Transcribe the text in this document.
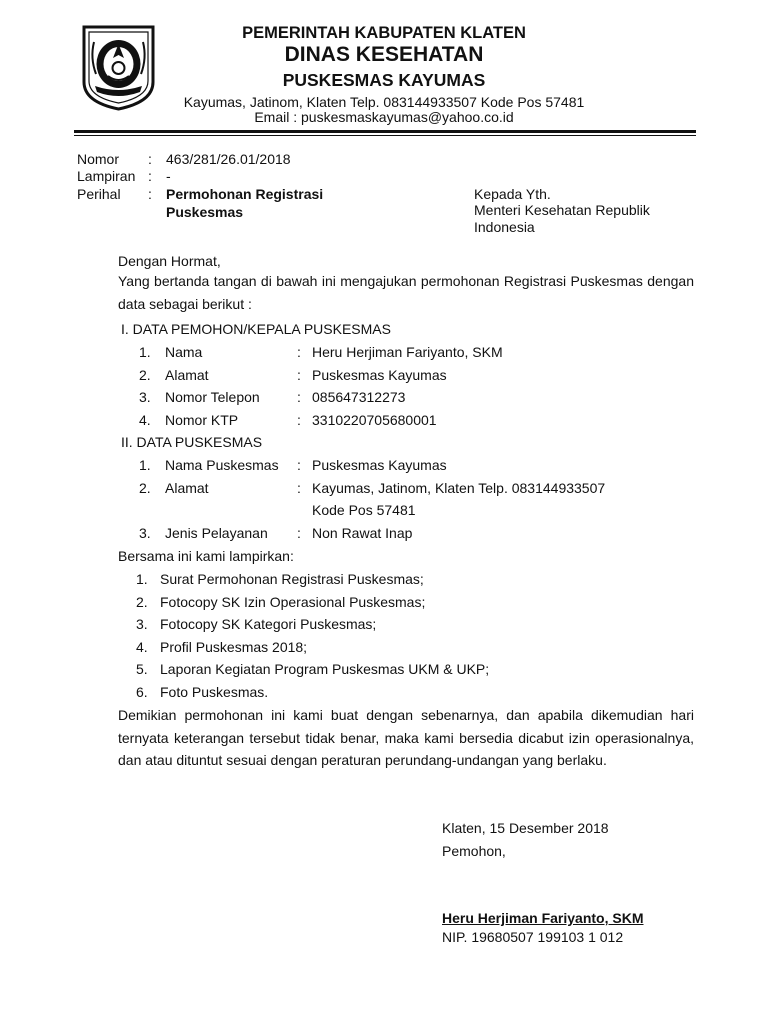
PEMERINTAH KABUPATEN KLATEN
DINAS KESEHATAN
PUSKESMAS KAYUMAS
Kayumas, Jatinom, Klaten Telp. 083144933507 Kode Pos 57481
Email : puskesmaskayumas@yahoo.co.id
Nomor : 463/281/26.01/2018
Lampiran : -
Perihal : Permohonan Registrasi
Puskesmas
Kepada Yth.
Menteri Kesehatan Republik
Indonesia
Dengan Hormat,
Yang bertanda tangan di bawah ini mengajukan permohonan Registrasi Puskesmas dengan data sebagai berikut :
I. DATA PEMOHON/KEPALA PUSKESMAS
1. Nama	: Heru Herjiman Fariyanto, SKM
2. Alamat	: Puskesmas Kayumas
3. Nomor Telepon	: 085647312273
4. Nomor KTP	: 3310220705680001
II. DATA PUSKESMAS
1. Nama Puskesmas : Puskesmas Kayumas
2. Alamat	: Kayumas, Jatinom, Klaten Telp. 083144933507
Kode Pos 57481
3. Jenis Pelayanan : Non Rawat Inap
Bersama ini kami lampirkan:
1. Surat Permohonan Registrasi Puskesmas;
2. Fotocopy SK Izin Operasional Puskesmas;
3. Fotocopy SK Kategori Puskesmas;
4. Profil Puskesmas 2018;
5. Laporan Kegiatan Program Puskesmas UKM & UKP;
6. Foto Puskesmas.
Demikian permohonan ini kami buat dengan sebenarnya, dan apabila dikemudian hari ternyata keterangan tersebut tidak benar, maka kami bersedia dicabut izin operasionalnya, dan atau dituntut sesuai dengan peraturan perundang-undangan yang berlaku.
Klaten, 15 Desember 2018
Pemohon,
Heru Herjiman Fariyanto, SKM
NIP. 19680507 199103 1 012
